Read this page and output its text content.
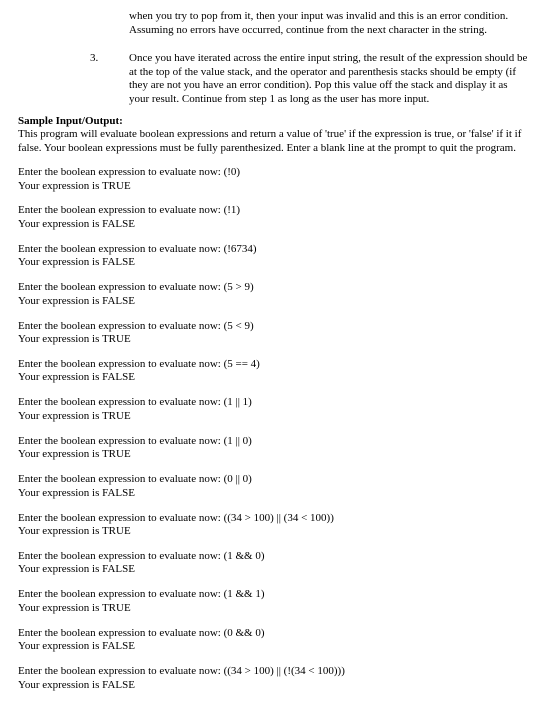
when you try to pop from it, then your input was invalid and this is an error condition.
Assuming no errors have occurred, continue from the next character in the string.
3.	Once you have iterated across the entire input string, the result of the expression should be at the top of the value stack, and the operator and parenthesis stacks should be empty (if they are not you have an error condition). Pop this value off the stack and display it as your result. Continue from step 1 as long as the user has more input.
Sample Input/Output:
This program will evaluate boolean expressions and return a value of 'true' if the expression is true, or 'false' if it if false. Your boolean expressions must be fully parenthesized. Enter a blank line at the prompt to quit the program.
Enter the boolean expression to evaluate now: (!0)
Your expression is TRUE
Enter the boolean expression to evaluate now: (!1)
Your expression is FALSE
Enter the boolean expression to evaluate now: (!6734)
Your expression is FALSE
Enter the boolean expression to evaluate now: (5 > 9)
Your expression is FALSE
Enter the boolean expression to evaluate now: (5 < 9)
Your expression is TRUE
Enter the boolean expression to evaluate now: (5 == 4)
Your expression is FALSE
Enter the boolean expression to evaluate now: (1 || 1)
Your expression is TRUE
Enter the boolean expression to evaluate now: (1 || 0)
Your expression is TRUE
Enter the boolean expression to evaluate now: (0 || 0)
Your expression is FALSE
Enter the boolean expression to evaluate now: ((34 > 100) || (34 < 100))
Your expression is TRUE
Enter the boolean expression to evaluate now: (1 && 0)
Your expression is FALSE
Enter the boolean expression to evaluate now: (1 && 1)
Your expression is TRUE
Enter the boolean expression to evaluate now: (0 && 0)
Your expression is FALSE
Enter the boolean expression to evaluate now: ((34 > 100) || (!(34 < 100)))
Your expression is FALSE
